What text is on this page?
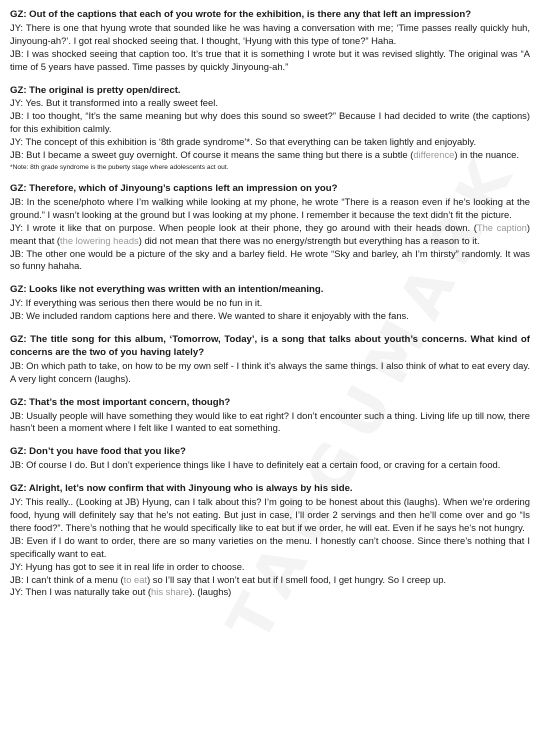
GZ: Out of the captions that each of you wrote for the exhibition, is there any that left an impression?
JY: There is one that hyung wrote that sounded like he was having a conversation with me; ‘Time passes really quickly huh, Jinyoung-ah?’. I got real shocked seeing that. I thought, ‘Hyung with this type of tone?” Haha.
JB: I was shocked seeing that caption too. It’s true that it is something I wrote but it was revised slightly. The original was “A time of 5 years have passed. Time passes by quickly Jinyoung-ah.”
GZ: The original is pretty open/direct.
JY: Yes. But it transformed into a really sweet feel.
JB: I too thought, “It’s the same meaning but why does this sound so sweet?” Because I had decided to write (the captions) for this exhibition calmly.
JY: The concept of this exhibition is ‘8th grade syndrome’*. So that everything can be taken lightly and enjoyably.
JB: But I became a sweet guy overnight. Of course it means the same thing but there is a subtle (difference) in the nuance.
*Note: 8th grade syndrome is the puberty stage where adolescents act out.
GZ: Therefore, which of Jinyoung’s captions left an impression on you?
JB: In the scene/photo where I’m walking while looking at my phone, he wrote “There is a reason even if he’s looking at the ground.” I wasn’t looking at the ground but I was looking at my phone. I remember it because the text didn’t fit the picture.
JY: I wrote it like that on purpose. When people look at their phone, they go around with their heads down. (The caption) meant that (the lowering heads) did not mean that there was no energy/strength but everything has a reason to it.
JB: The other one would be a picture of the sky and a barley field. He wrote “Sky and barley, ah I’m thirsty” randomly. It was so funny hahaha.
GZ: Looks like not everything was written with an intention/meaning.
JY: If everything was serious then there would be no fun in it.
JB: We included random captions here and there. We wanted to share it enjoyably with the fans.
GZ: The title song for this album, ‘Tomorrow, Today’, is a song that talks about youth’s concerns. What kind of concerns are the two of you having lately?
JB: On which path to take, on how to be my own self - I think it’s always the same things. I also think of what to eat every day. A very light concern (laughs).
GZ: That’s the most important concern, though?
JB: Usually people will have something they would like to eat right? I don’t encounter such a thing. Living life up till now, there hasn’t been a moment where I felt like I wanted to eat something.
GZ: Don’t you have food that you like?
JB: Of course I do. But I don’t experience things like I have to definitely eat a certain food, or craving for a certain food.
GZ: Alright, let’s now confirm that with Jinyoung who is always by his side.
JY: This really.. (Looking at JB) Hyung, can I talk about this? I’m going to be honest about this (laughs). When we’re ordering food, hyung will definitely say that he’s not eating. But just in case, I’ll order 2 servings and then he’ll come over and go “Is there food?”. There’s nothing that he would specifically like to eat but if we order, he will eat. Even if he says he’s not hungry.
JB: Even if I do want to order, there are so many varieties on the menu. I honestly can’t choose. Since there’s nothing that I specifically want to eat.
JY: Hyung has got to see it in real life in order to choose.
JB: I can’t think of a menu (to eat) so I’ll say that I won’t eat but if I smell food, I get hungry. So I creep up.
JY: Then I was naturally take out (his share). (laughs)
